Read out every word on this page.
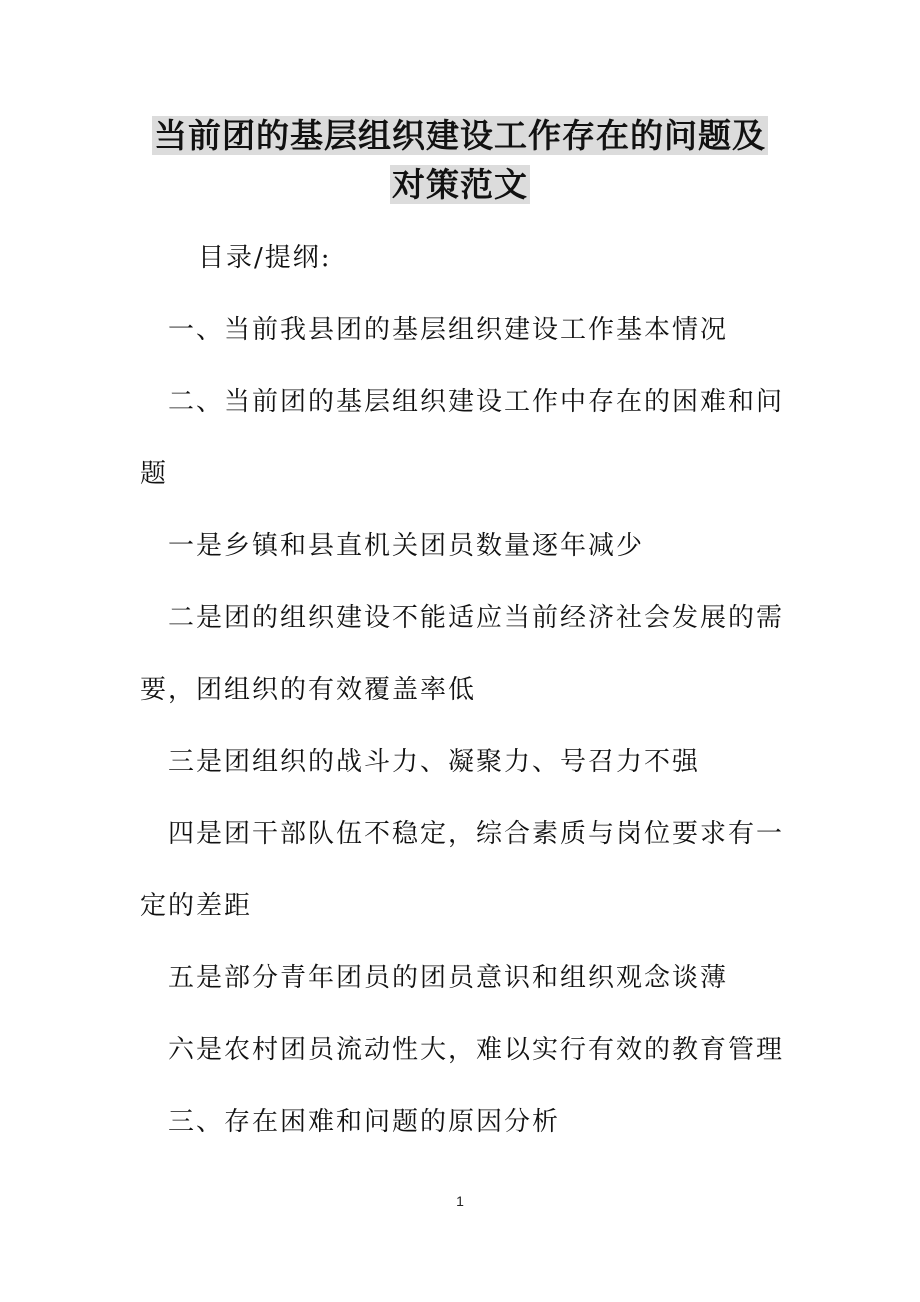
当前团的基层组织建设工作存在的问题及
对策范文
目录/提纲:
一、当前我县团的基层组织建设工作基本情况
二、当前团的基层组织建设工作中存在的困难和问
题
一是乡镇和县直机关团员数量逐年减少
二是团的组织建设不能适应当前经济社会发展的需
要，团组织的有效覆盖率低
三是团组织的战斗力、凝聚力、号召力不强
四是团干部队伍不稳定，综合素质与岗位要求有一
定的差距
五是部分青年团员的团员意识和组织观念谈薄
六是农村团员流动性大，难以实行有效的教育管理
三、存在困难和问题的原因分析
1
